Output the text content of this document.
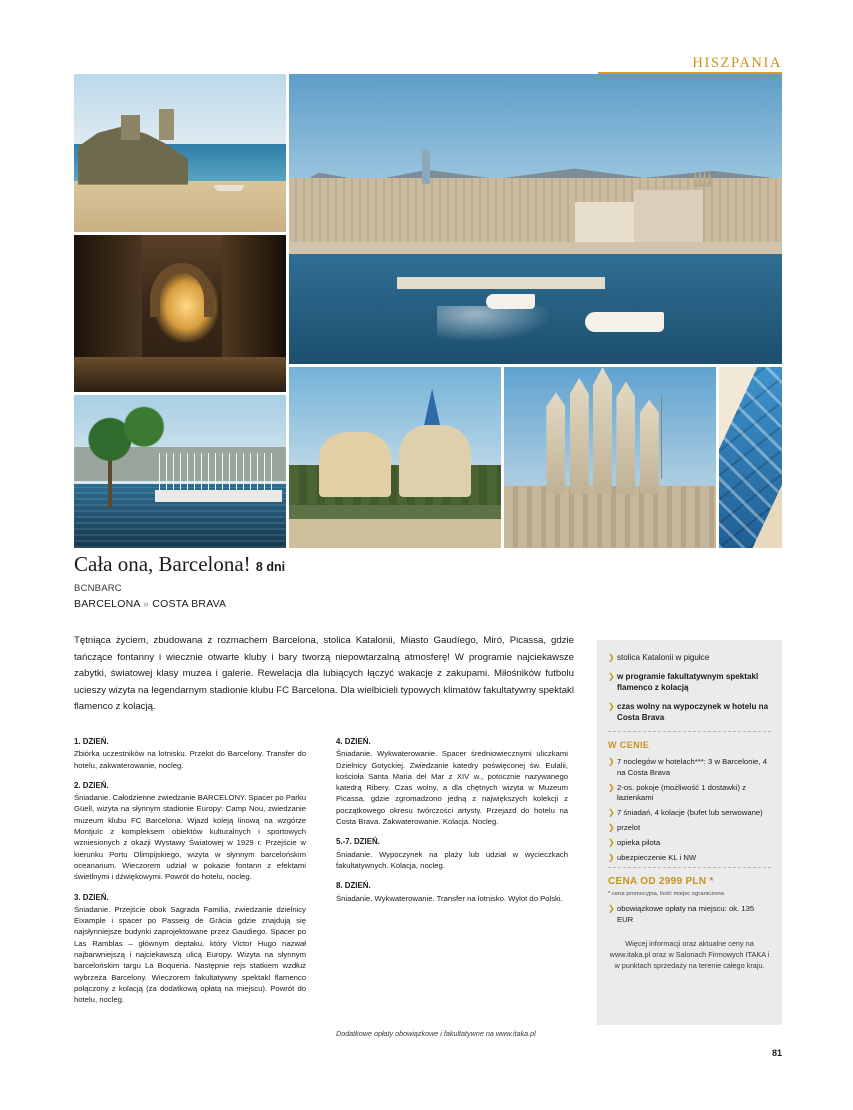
HISZPANIA
Cała ona, Barcelona! 8 dni
BCNBARC
BARCELONA » COSTA BRAVA
Tętniąca życiem, zbudowana z rozmachem Barcelona, stolica Katalonii, Miasto Gaudíego, Miró, Picassa, gdzie tańczące fontanny i wiecznie otwarte kluby i bary tworzą niepowtarzalną atmosferę! W programie najciekawsze zabytki, światowej klasy muzea i galerie. Rewelacja dla lubiących łączyć wakacje z zakupami. Miłośników futbolu ucieszy wizyta na legendarnym stadionie klubu FC Barcelona. Dla wielbicieli typowych klimatów fakultatywny spektakl flamenco z kolacją.

1. DZIEŃ.

Zbiórka uczestników na lotnisku. Przelot do Barcelony. Transfer do hotelu, zakwaterowanie, nocleg.

2. DZIEŃ.

Śniadanie. Całodzienne zwiedzanie BARCELONY. Spacer po Parku Güell, wizyta na słynnym stadionie Europy: Camp Nou, zwiedzanie muzeum klubu FC Barcelona. Wjazd koleją linową na wzgórze Montjuïc z kompleksem obiektów kulturalnych i sportowych wzniesionych z okazji Wystawy Światowej w 1929 r. Przejście w kierunku Portu Olimpijskiego, wizyta w słynnym barcelońskim oceanarium. Wieczorem udział w pokazie fontann z efektami świetlnymi i dźwiękowymi. Powrót do hotelu, nocleg.

3. DZIEŃ.

Śniadanie. Przejście obok Sagrada Familia, zwiedzanie dzielnicy Eixample i spacer po Passeig de Gràcia gdzie znajdują się najsłynniejsze budynki zaprojektowane przez Gaudiego. Spacer po Las Ramblas – głównym deptaku, który Victor Hugo nazwał najbarwniejszą i najciekawszą ulicą Europy. Wizyta na słynnym barcelońskim targu La Boqueria. Następnie rejs statkiem wzdłuż wybrzeża Barcelony. Wieczorem fakultatywny spektakl flamenco połączony z kolacją (za dodatkową opłatą na miejscu). Powrót do hotelu, nocleg.

4. DZIEŃ.

Śniadanie. Wykwaterowanie. Spacer średniowiecznymi uliczkami Dzielnicy Gotyckiej. Zwiedzanie katedry poświęconej św. Eulalii, kościoła Santa Maria del Mar z XIV w., potocznie nazywanego katedrą Ribery. Czas wolny, a dla chętnych wizyta w Muzeum Picassa, gdzie zgromadzono jedną z największych kolekcji z początkowego okresu twórczości artysty. Przejazd do hotelu na Costa Brava. Zakwaterowanie. Kolacja. Nocleg.

5.-7. DZIEŃ.

Śniadanie. Wypoczynek na plaży lub udział w wycieczkach fakultatywnych. Kolacja, nocleg.

8. DZIEŃ.

Śniadanie. Wykwaterowanie. Transfer na lotnisko. Wylot do Polski.

Dodatkowe opłaty obowiązkowe i fakultatywne na www.itaka.pl

❯ stolica Katalonii w pigułce

❯ w programie fakultatywnym spektakl flamenco z kolacją

❯ czas wolny na wypoczynek w hotelu na Costa Brava

W CENIE

❯ 7 noclegów w hotelach***: 3 w Barcelonie, 4 na Costa Brava

❯ 2-os. pokoje (możliwość 1 dostawki) z łazienkami

❯ 7 śniadań, 4 kolacje (bufet lub serwowane)

❯ przelot

❯ opieka pilota

❯ ubezpieczenie KL i NW

CENA OD 2999 PLN *

* cena promocyjna, ilość miejsc ograniczona

❯ obowiązkowe opłaty na miejscu: ok. 135 EUR

Więcej informacji oraz aktualne ceny na www.itaka.pl oraz w Salonach Firmowych ITAKA i w punktach sprzedaży na terenie całego kraju.
81
